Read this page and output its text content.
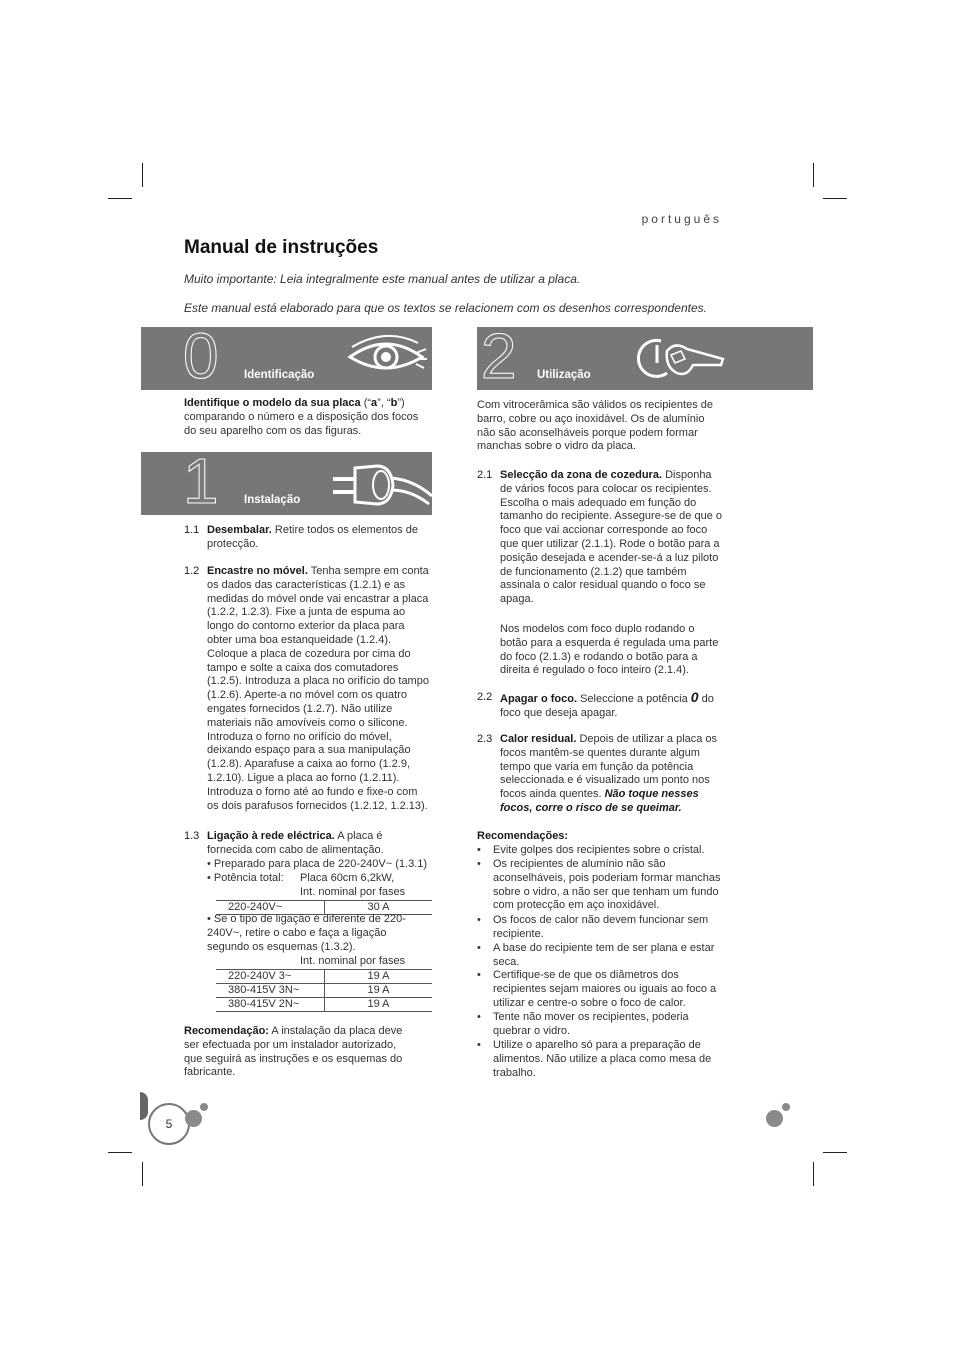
português
Manual de instruções

Muito importante: Leia integralmente este manual antes de utilizar a placa.

Este manual está elaborado para que os textos se relacionem com os desenhos correspondentes.

0 Identificação

Identifique o modelo da sua placa (“a”, “b”)
comparando o número e a disposição dos focos do seu aparelho com os das figuras.

1 Instalação
1.1 Desembalar. Retire todos os elementos de protecção.
1.2 Encastre no móvel. Tenha sempre em conta os dados das características (1.2.1) e as medidas do móvel onde vai encastrar a placa (1.2.2, 1.2.3). Fixe a junta de espuma ao longo do contorno exterior da placa para obter uma boa estanqueidade (1.2.4). Coloque a placa de cozedura por cima do tampo e solte a caixa dos comutadores (1.2.5). Introduza a placa no orifício do tampo (1.2.6). Aperte-a no móvel com os quatro engates fornecidos (1.2.7). Não utilize materiais não amovíveis como o silicone. Introduza o forno no orifício do móvel, deixando espaço para a sua manipulação (1.2.8). Aparafuse a caixa ao forno (1.2.9, 1.2.10). Ligue a placa ao forno (1.2.11). Introduza o forno até ao fundo e fixe-o com os dois parafusos fornecidos (1.2.12, 1.2.13).
1.3 Ligação à rede eléctrica. A placa é fornecida com cabo de alimentação.
• Preparado para placa de 220-240V~ (1.3.1)
• Potência total:	Placa 60cm 6,2kW,
Int. nominal por fases
220-240V~	30 A
• Se o tipo de ligação é diferente de 220-240V~, retire o cabo e faça a ligação segundo os esquemas (1.3.2).
Int. nominal por fases
220-240V 3~	19 A
380-415V 3N~	19 A
380-415V 2N~	19 A
Recomendação: A instalação da placa deve ser efectuada por um instalador autorizado, que seguirá as instruções e os esquemas do fabricante.
2 Utilização
Com vitrocerâmica são válidos os recipientes de barro, cobre ou aço inoxidável. Os de alumínio não são aconselháveis porque podem formar manchas sobre o vidro da placa.
2.1 Selecção da zona de cozedura. Disponha de vários focos para colocar os recipientes. Escolha o mais adequado em função do tamanho do recipiente. Assegure-se de que o foco que vai accionar corresponde ao foco que quer utilizar (2.1.1). Rode o botão para a posição desejada e acender-se-á a luz piloto de funcionamento (2.1.2) que também assinala o calor residual quando o foco se apaga.
Nos modelos com foco duplo rodando o botão para a esquerda é regulada uma parte do foco (2.1.3) e rodando o botão para a direita é regulado o foco inteiro (2.1.4).
2.2 Apagar o foco. Seleccione a potência 0 do foco que deseja apagar.
2.3 Calor residual. Depois de utilizar a placa os focos mantêm-se quentes durante algum tempo que varia em função da potência seleccionada e é visualizado um ponto nos focos ainda quentes. Não toque nesses focos, corre o risco de se queimar.
Recomendações:
• Evite golpes dos recipientes sobre o cristal.
• Os recipientes de alumínio não são aconselháveis, pois poderiam formar manchas sobre o vidro, a não ser que tenham um fundo com protecção em aço inoxidável.
• Os focos de calor não devem funcionar sem recipiente.
• A base do recipiente tem de ser plana e estar seca.
• Certifique-se de que os diâmetros dos recipientes sejam maiores ou iguais ao foco a utilizar e centre-o sobre o foco de calor.
• Tente não mover os recipientes, poderia quebrar o vidro.
• Utilize o aparelho só para a preparação de alimentos. Não utilize a placa como mesa de trabalho.
5
